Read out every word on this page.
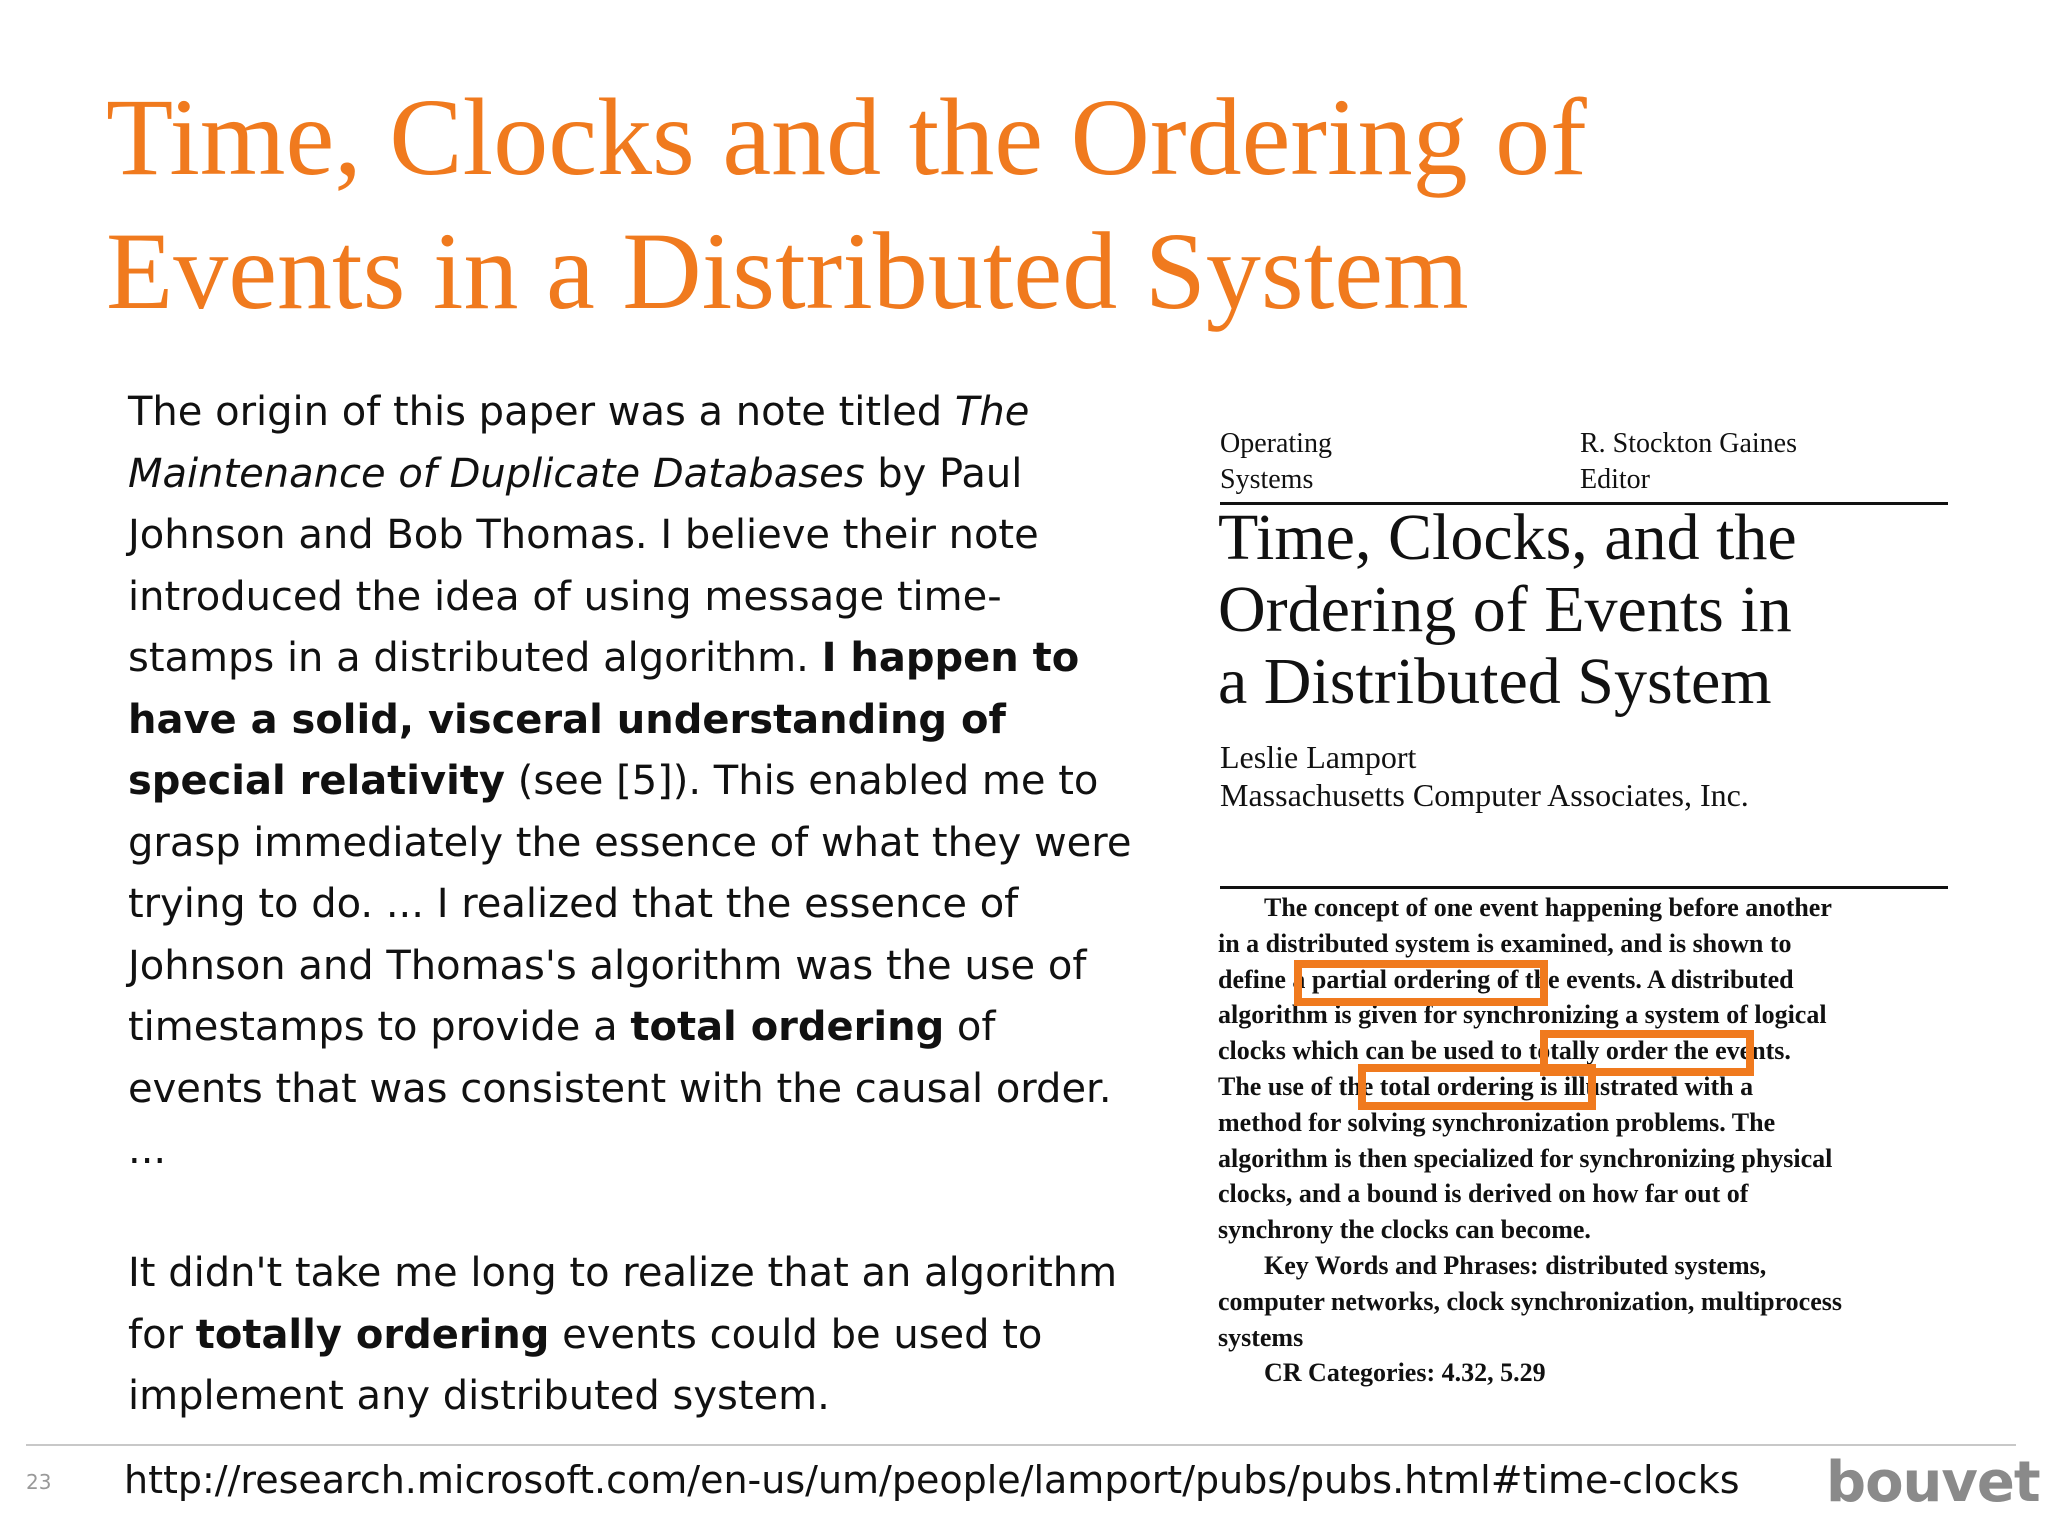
Time, Clocks and the Ordering of
Events in a Distributed System

The origin of this paper was a note titled The Maintenance of Duplicate Databases by Paul Johnson and Bob Thomas. I believe their note introduced the idea of using message time-stamps in a distributed algorithm. I happen to have a solid, visceral understanding of special relativity (see [5]). This enabled me to grasp immediately the essence of what they were trying to do. ... I realized that the essence of Johnson and Thomas's algorithm was the use of timestamps to provide a total ordering of events that was consistent with the causal order. ...

It didn't take me long to realize that an algorithm for totally ordering events could be used to implement any distributed system.

Operating
Systems
R. Stockton Gaines
Editor
Time, Clocks, and the
Ordering of Events in
a Distributed System
Leslie Lamport
Massachusetts Computer Associates, Inc.
The concept of one event happening before another
in a distributed system is examined, and is shown to
define a partial ordering of the events. A distributed
algorithm is given for synchronizing a system of logical
clocks which can be used to totally order the events.
The use of the total ordering is illustrated with a
method for solving synchronization problems. The
algorithm is then specialized for synchronizing physical
clocks, and a bound is derived on how far out of
synchrony the clocks can become.
Key Words and Phrases: distributed systems,
computer networks, clock synchronization, multiprocess
systems
CR Categories: 4.32, 5.29
23 http://research.microsoft.com/en-us/um/people/lamport/pubs/pubs.html#time-clocks bouvet
